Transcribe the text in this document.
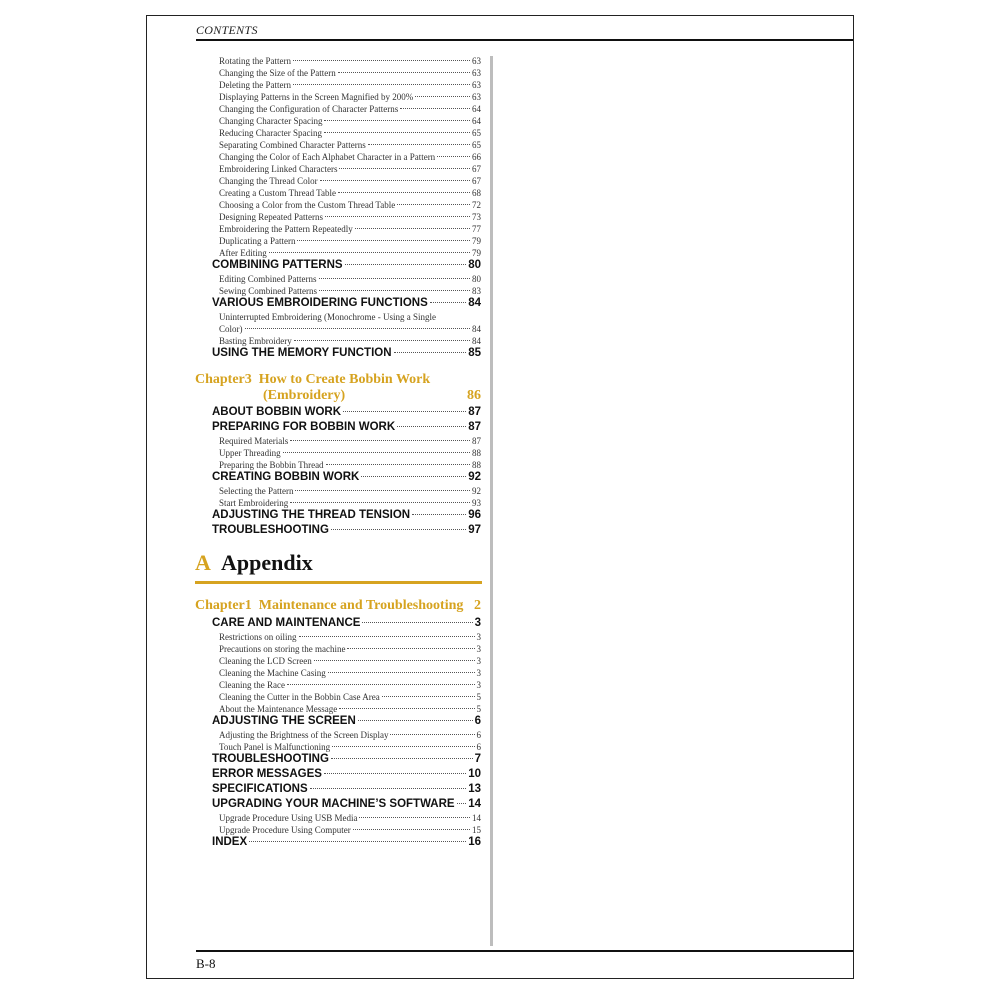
CONTENTS
Chapter3 How to Create Bobbin Work
(Embroidery)	86
A Appendix
Chapter1 Maintenance and Troubleshooting 2
Rotating the Pattern	63
Changing the Size of the Pattern	63
Deleting the Pattern	63
Displaying Patterns in the Screen Magnified by 200%	63
Changing the Configuration of Character Patterns	64
Changing Character Spacing	64
Reducing Character Spacing	65
Separating Combined Character Patterns	65
Changing the Color of Each Alphabet Character in a Pattern	66
Embroidering Linked Characters	67
Changing the Thread Color	67
Creating a Custom Thread Table	68
Choosing a Color from the Custom Thread Table	72
Designing Repeated Patterns	73
Embroidering the Pattern Repeatedly	77
Duplicating a Pattern	79
After Editing	79
COMBINING PATTERNS	80
Editing Combined Patterns	80
Sewing Combined Patterns	83
VARIOUS EMBROIDERING FUNCTIONS	84
Uninterrupted Embroidering (Monochrome - Using a Single
Color)	84
Basting Embroidery	84
USING THE MEMORY FUNCTION	85
ABOUT BOBBIN WORK	87
PREPARING FOR BOBBIN WORK	87
Required Materials	87
Upper Threading	88
Preparing the Bobbin Thread	88
CREATING BOBBIN WORK	92
Selecting the Pattern	92
Start Embroidering	93
ADJUSTING THE THREAD TENSION	96
TROUBLESHOOTING	97
CARE AND MAINTENANCE	3
Restrictions on oiling	3
Precautions on storing the machine	3
Cleaning the LCD Screen	3
Cleaning the Machine Casing	3
Cleaning the Race	3
Cleaning the Cutter in the Bobbin Case Area	5
About the Maintenance Message	5
ADJUSTING THE SCREEN	6
Adjusting the Brightness of the Screen Display	6
Touch Panel is Malfunctioning	6
TROUBLESHOOTING	7
ERROR MESSAGES	10
SPECIFICATIONS	13
UPGRADING YOUR MACHINE’S SOFTWARE 14
Upgrade Procedure Using USB Media	14
Upgrade Procedure Using Computer	15
INDEX	16
B-8
